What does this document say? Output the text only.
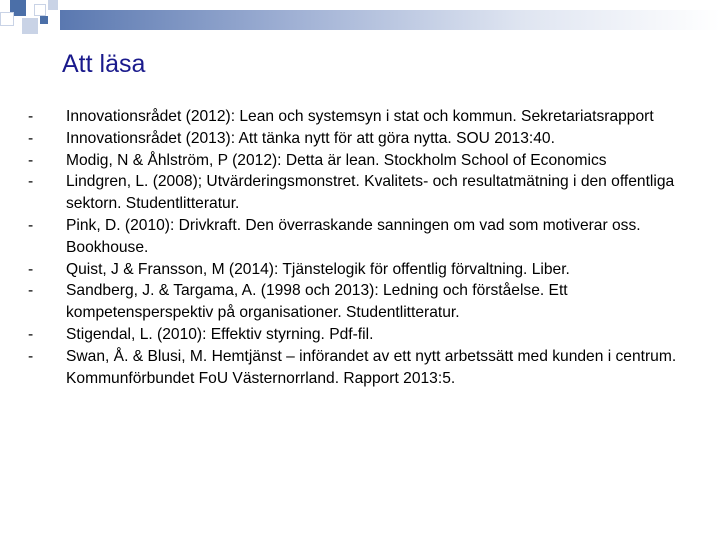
Att läsa
-	Innovationsrådet (2012): Lean och systemsyn i stat och kommun. Sekretariatsrapport
-	Innovationsrådet (2013): Att tänka nytt för att göra nytta. SOU 2013:40.
-	Modig, N & Åhlström, P (2012): Detta är lean. Stockholm School of Economics
-	Lindgren, L. (2008); Utvärderingsmonstret. Kvalitets- och resultatmätning i den offentliga sektorn. Studentlitteratur.
-	Pink, D. (2010): Drivkraft. Den överraskande sanningen om vad som motiverar oss. Bookhouse.
-	Quist, J & Fransson, M (2014): Tjänstelogik för offentlig förvaltning. Liber.
-	Sandberg, J. & Targama, A. (1998 och 2013): Ledning och förståelse. Ett kompetensperspektiv på organisationer. Studentlitteratur.
-	Stigendal, L. (2010): Effektiv styrning. Pdf-fil.
-	Swan, Å. & Blusi, M. Hemtjänst – införandet av ett nytt arbetssätt med kunden i centrum. Kommunförbundet FoU Västernorrland. Rapport 2013:5.
